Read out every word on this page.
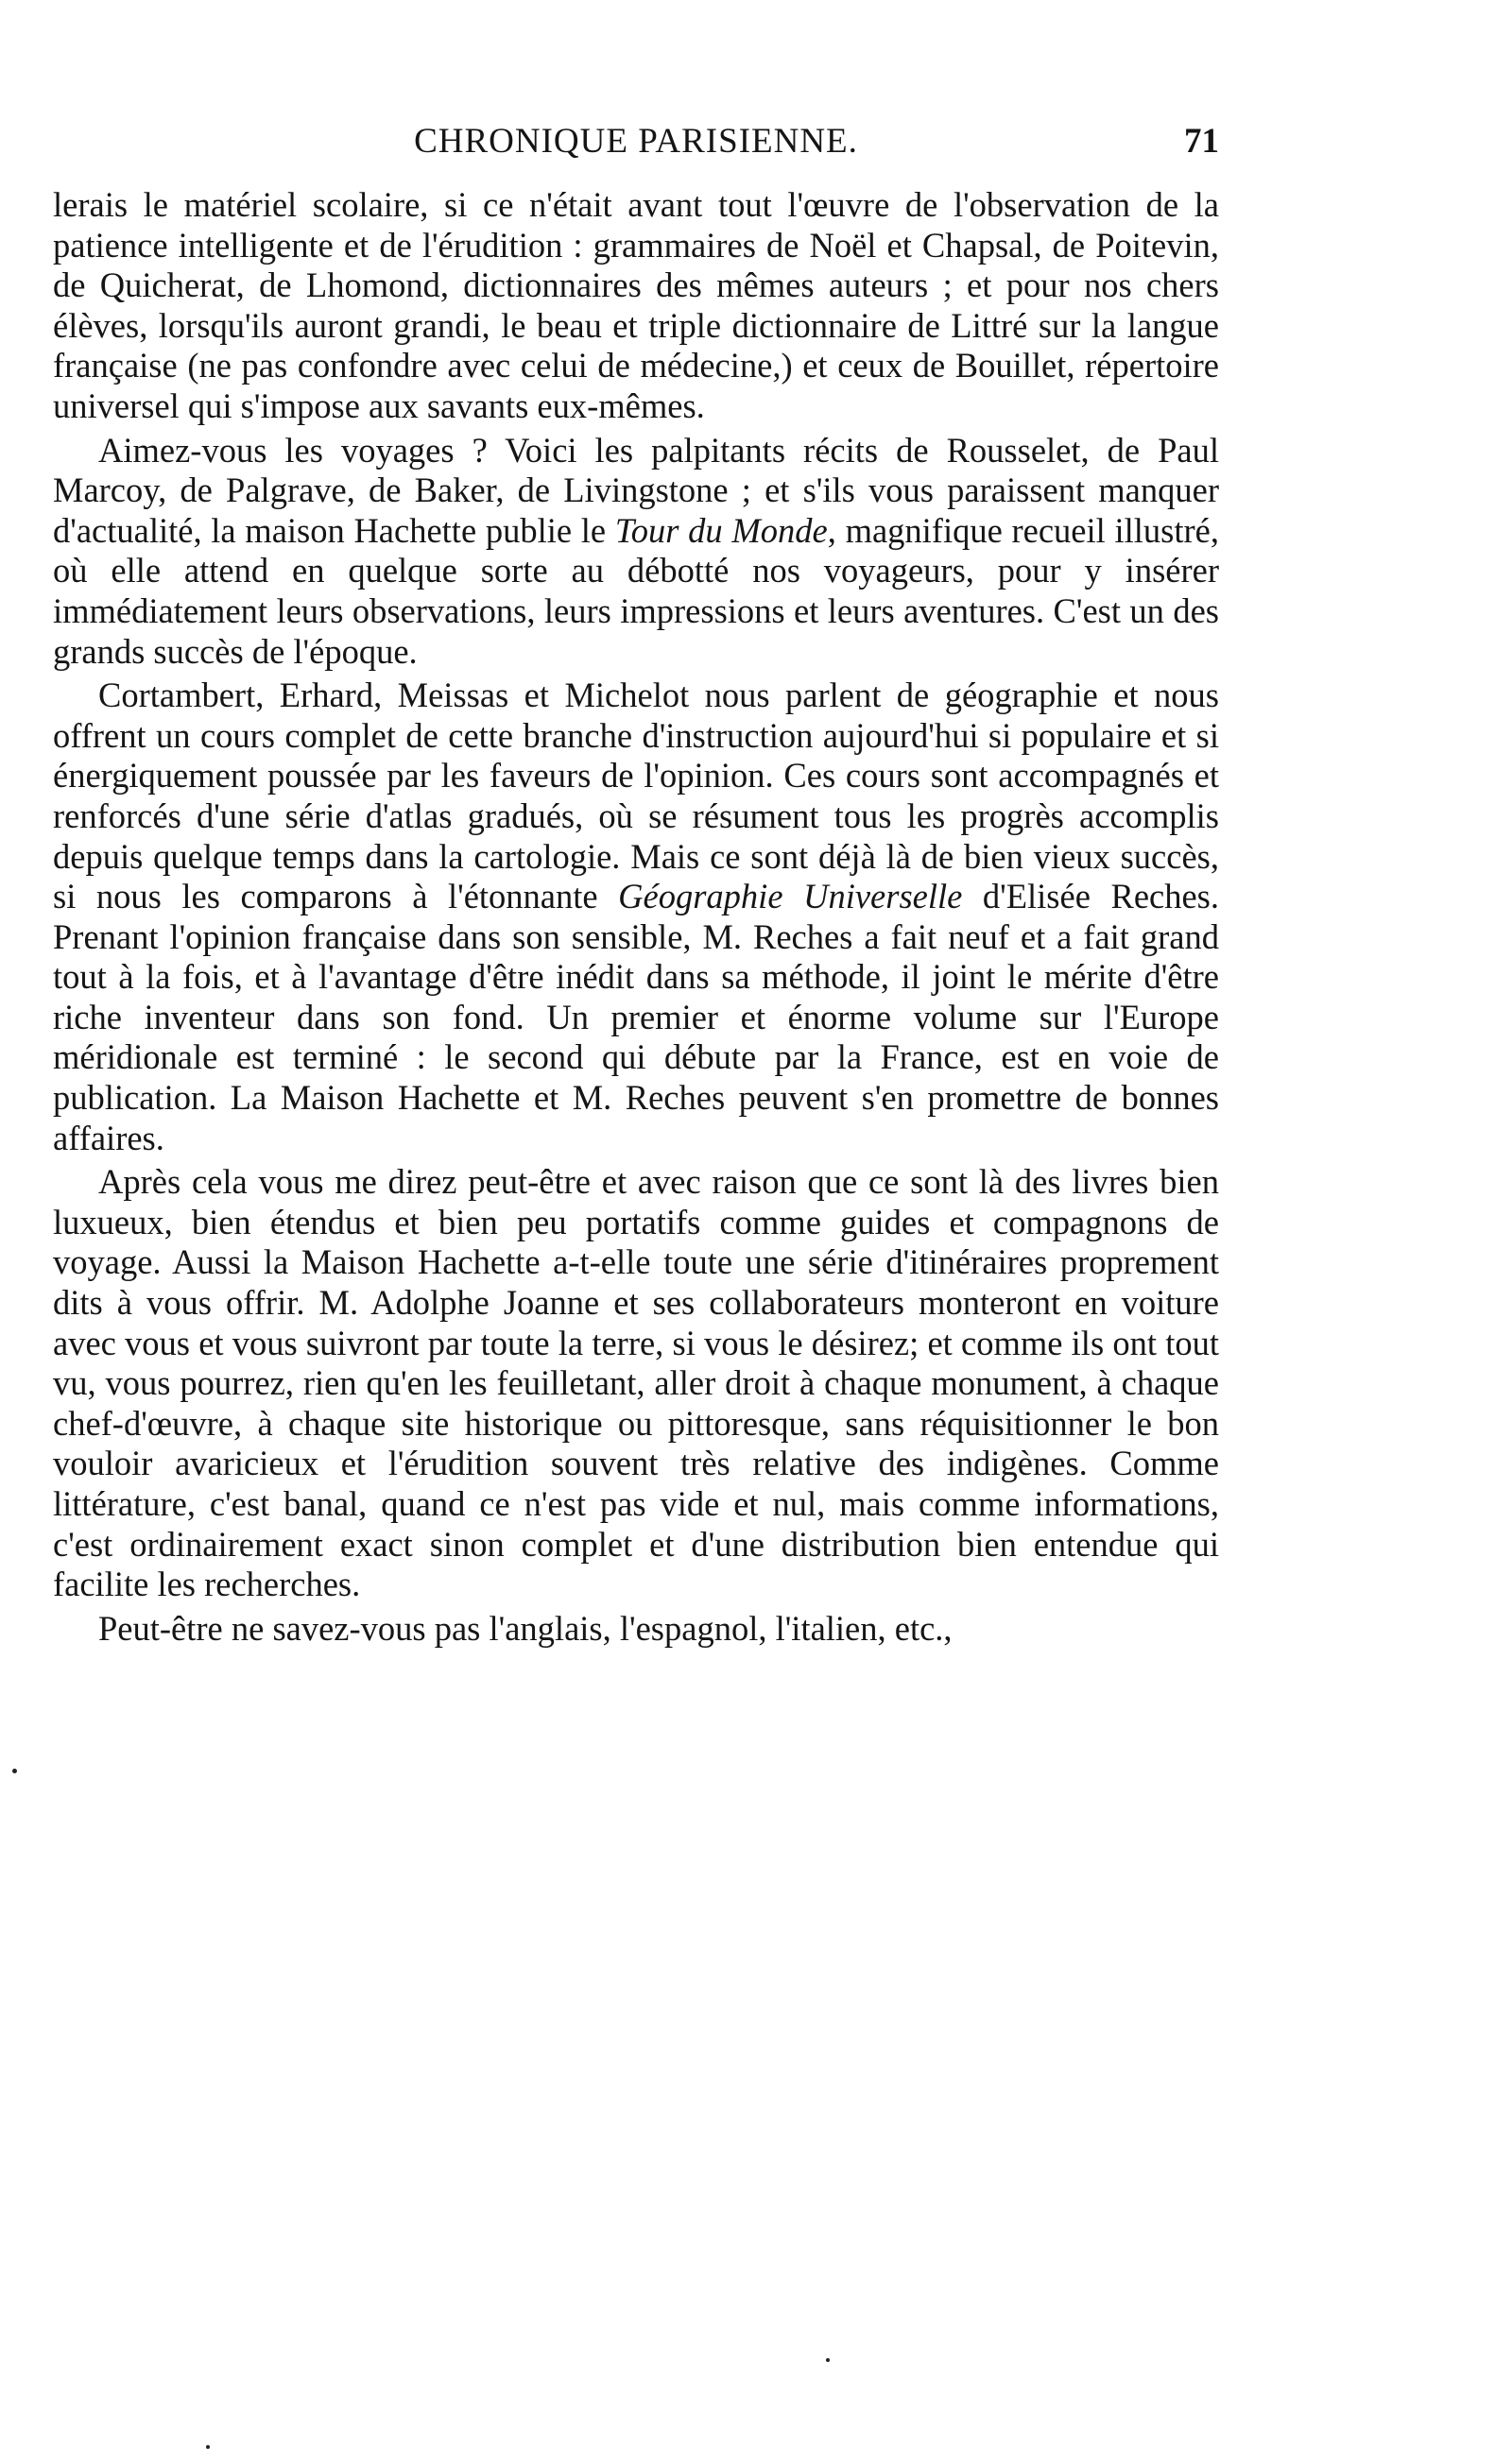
CHRONIQUE PARISIENNE.	71

lerais le matériel scolaire, si ce n'était avant tout l'œuvre de l'observation de la patience intelligente et de l'érudition : grammaires de Noël et Chapsal, de Poitevin, de Quicherat, de Lhomond, dictionnaires des mêmes auteurs ; et pour nos chers élèves, lorsqu'ils auront grandi, le beau et triple dictionnaire de Littré sur la langue française (ne pas confondre avec celui de médecine,) et ceux de Bouillet, répertoire universel qui s'impose aux savants eux-mêmes.

Aimez-vous les voyages ? Voici les palpitants récits de Rousselet, de Paul Marcoy, de Palgrave, de Baker, de Livingstone ; et s'ils vous paraissent manquer d'actualité, la maison Hachette publie le Tour du Monde, magnifique recueil illustré, où elle attend en quelque sorte au débotté nos voyageurs, pour y insérer immédiatement leurs observations, leurs impressions et leurs aventures. C'est un des grands succès de l'époque.

Cortambert, Erhard, Meissas et Michelot nous parlent de géographie et nous offrent un cours complet de cette branche d'instruction aujourd'hui si populaire et si énergiquement poussée par les faveurs de l'opinion. Ces cours sont accompagnés et renforcés d'une série d'atlas gradués, où se résument tous les progrès accomplis depuis quelque temps dans la cartologie. Mais ce sont déjà là de bien vieux succès, si nous les comparons à l'étonnante Géographie Universelle d'Elisée Reches. Prenant l'opinion française dans son sensible, M. Reches a fait neuf et a fait grand tout à la fois, et à l'avantage d'être inédit dans sa méthode, il joint le mérite d'être riche inventeur dans son fond. Un premier et énorme volume sur l'Europe méridionale est terminé : le second qui débute par la France, est en voie de publication. La Maison Hachette et M. Reches peuvent s'en promettre de bonnes affaires.

Après cela vous me direz peut-être et avec raison que ce sont là des livres bien luxueux, bien étendus et bien peu portatifs comme guides et compagnons de voyage. Aussi la Maison Hachette a-t-elle toute une série d'itinéraires proprement dits à vous offrir. M. Adolphe Joanne et ses collaborateurs monteront en voiture avec vous et vous suivront par toute la terre, si vous le désirez; et comme ils ont tout vu, vous pourrez, rien qu'en les feuilletant, aller droit à chaque monument, à chaque chef-d'œuvre, à chaque site historique ou pittoresque, sans réquisitionner le bon vouloir avaricieux et l'érudition souvent très relative des indigènes. Comme littérature, c'est banal, quand ce n'est pas vide et nul, mais comme informations, c'est ordinairement exact sinon complet et d'une distribution bien entendue qui facilite les recherches.

Peut-être ne savez-vous pas l'anglais, l'espagnol, l'italien, etc.,
